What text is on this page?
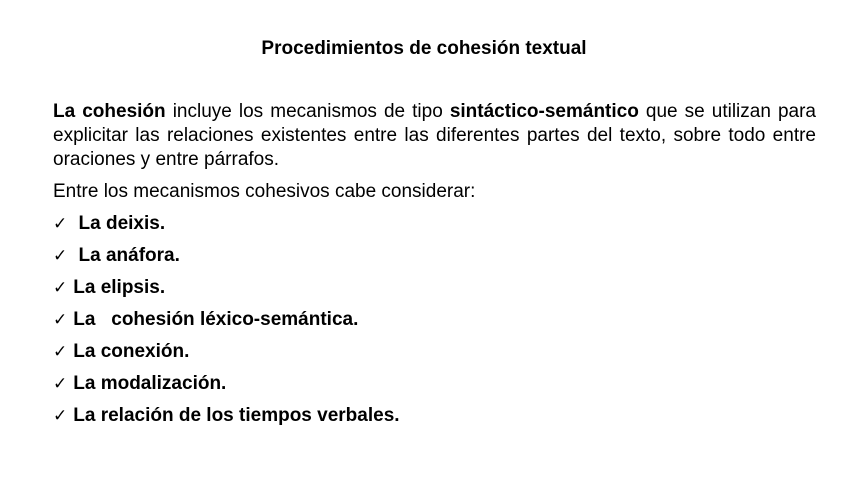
Procedimientos de cohesión textual

La cohesión incluye los mecanismos de tipo sintáctico-semántico que se utilizan para explicitar las relaciones existentes entre las diferentes partes del texto, sobre todo entre oraciones y entre párrafos.

Entre los mecanismos cohesivos cabe considerar:

✓ La deixis.
✓ La anáfora.
✓ La elipsis.
✓ La   cohesión léxico-semántica.
✓ La conexión.
✓ La modalización.
✓ La relación de los tiempos verbales.
